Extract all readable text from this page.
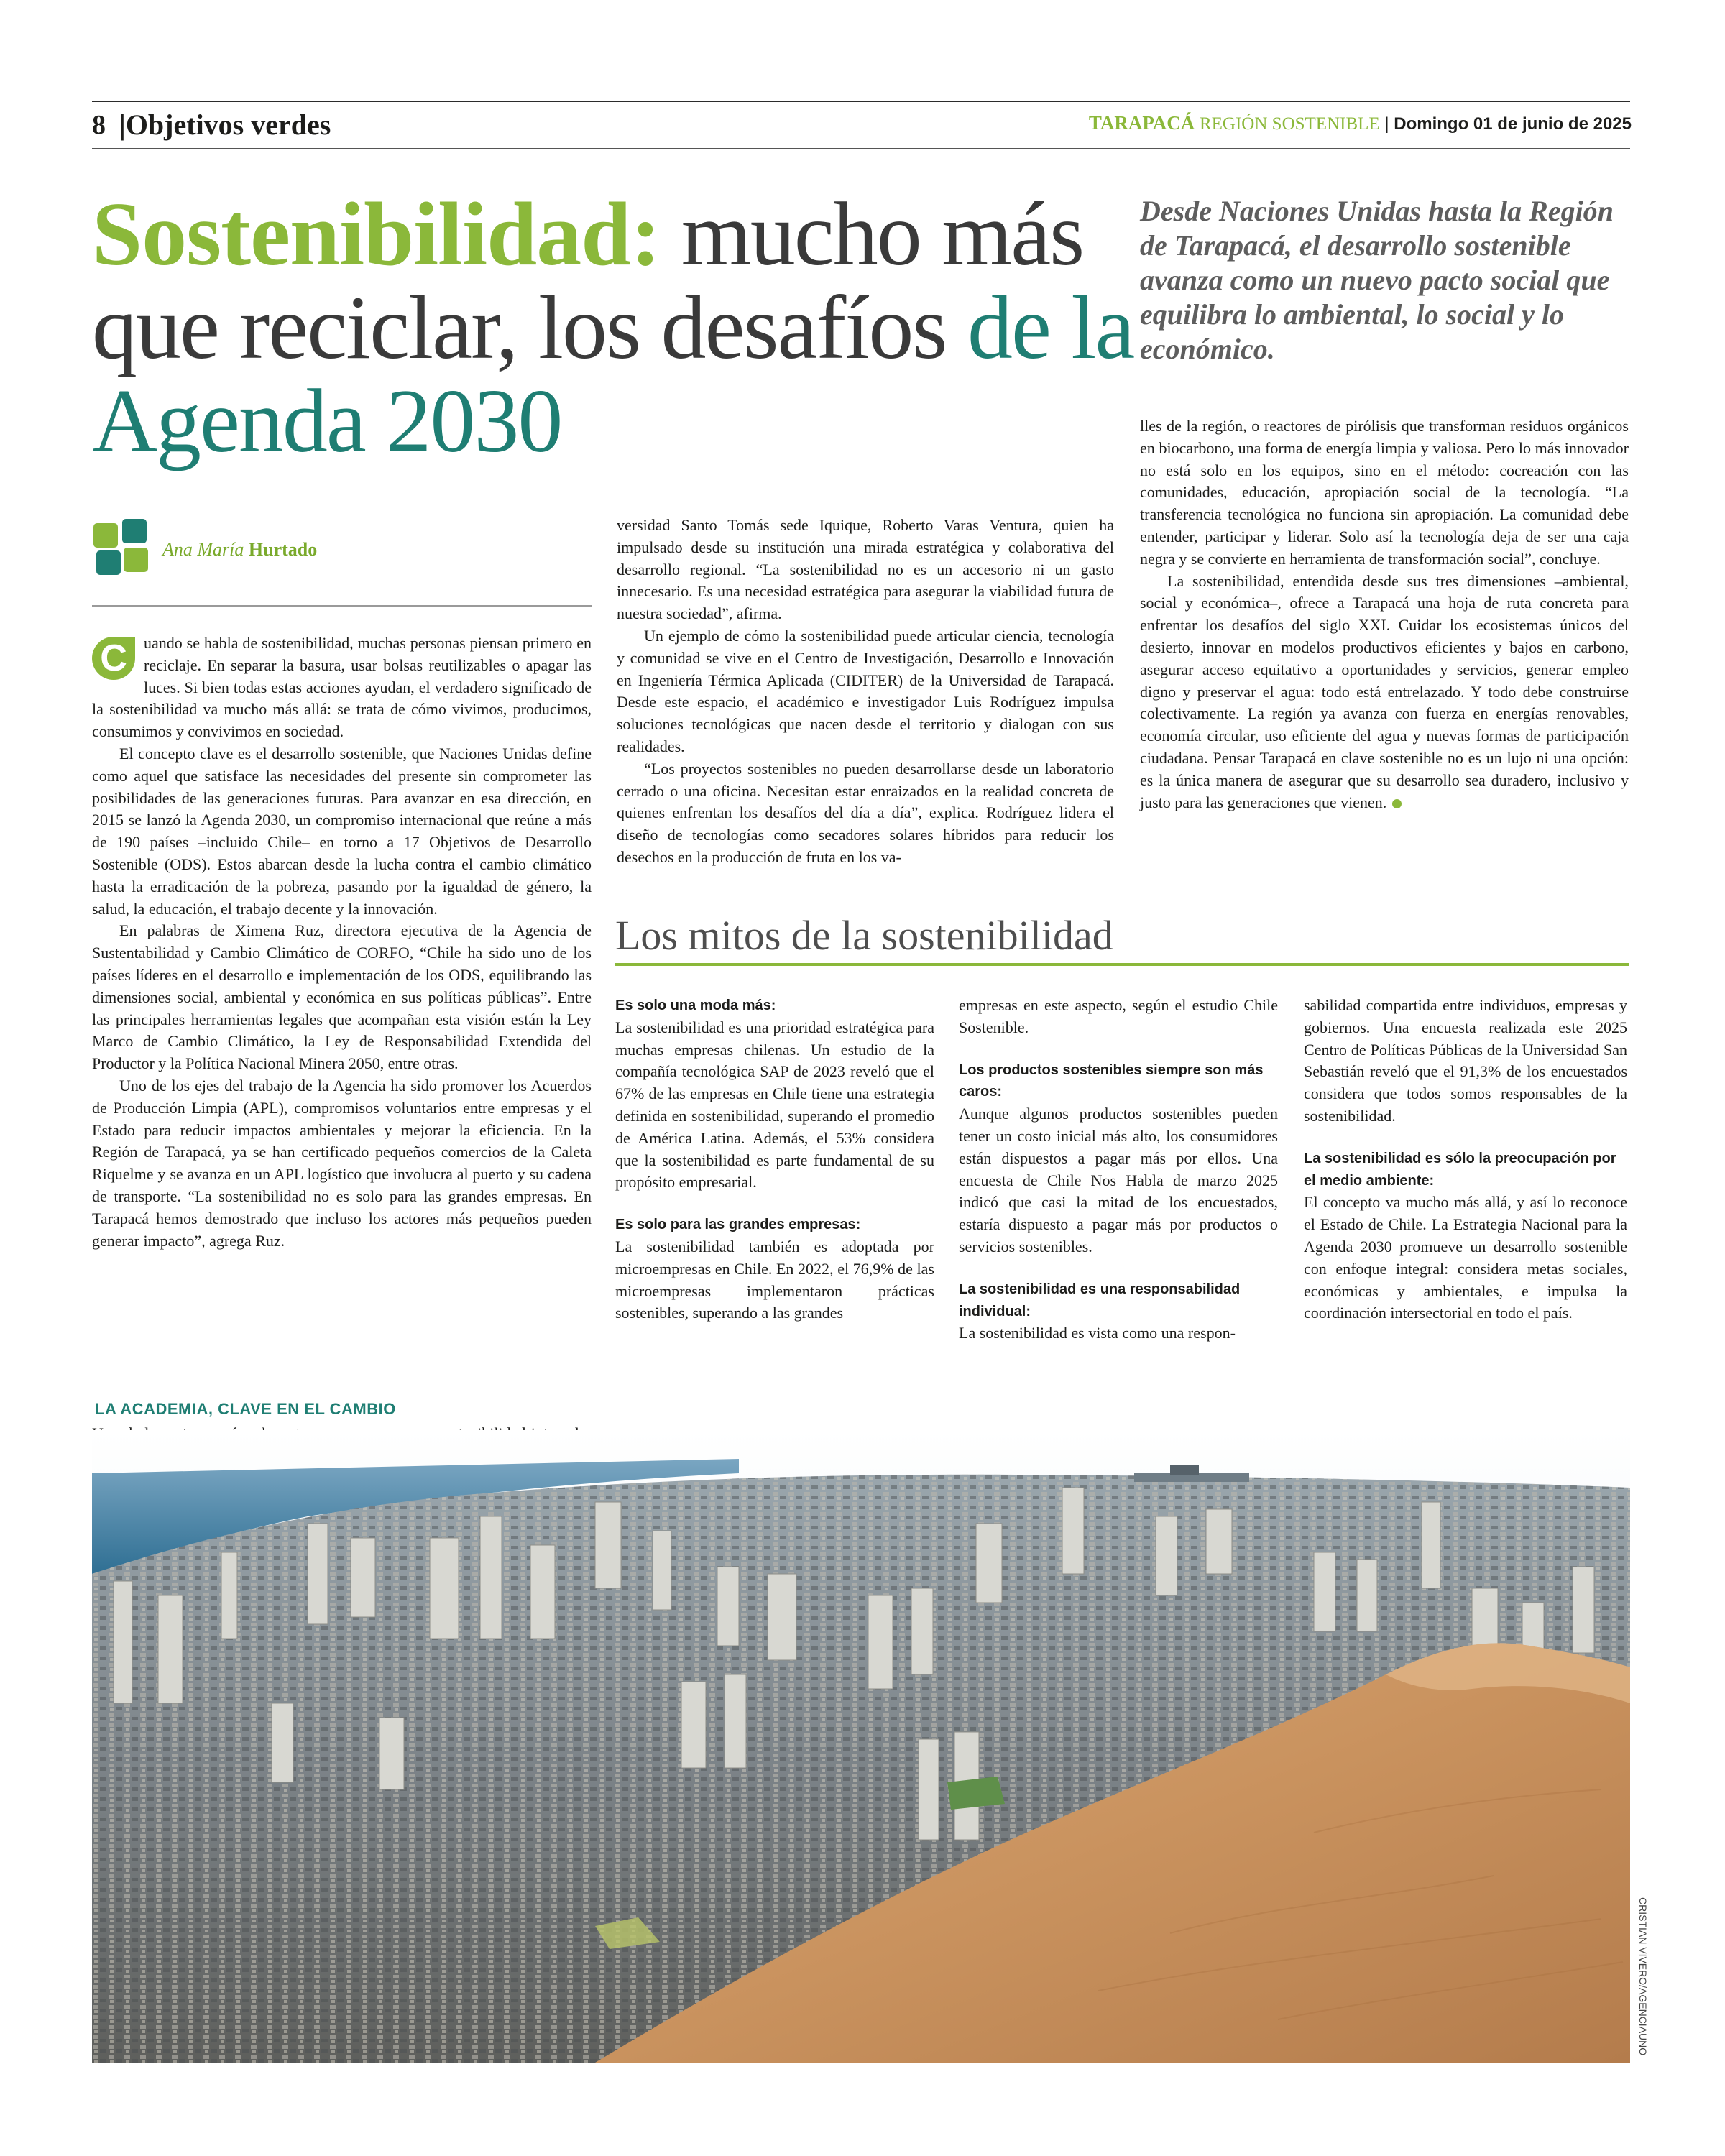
8 |Objetivos verdes	TARAPACÁ REGIÓN SOSTENIBLE | Domingo 01 de junio de 2025
Sostenibilidad: mucho más que reciclar, los desafíos de la Agenda 2030
Desde Naciones Unidas hasta la Región de Tarapacá, el desarrollo sostenible avanza como un nuevo pacto social que equilibra lo ambiental, lo social y lo económico.
Ana María Hurtado

C	uando se habla de sostenibilidad, muchas personas piensan primero en reciclaje. En separar la basura, usar bolsas reutilizables o apagar las luces. Si bien todas estas acciones ayudan, el verdadero significado de la sostenibilidad va mucho más allá: se trata de cómo vivimos, producimos, consumimos y convivimos en sociedad.

El concepto clave es el desarrollo sostenible, que Naciones Unidas define como aquel que satisface las necesidades del presente sin comprometer las posibilidades de las generaciones futuras. Para avanzar en esa dirección, en 2015 se lanzó la Agenda 2030, un compromiso internacional que reúne a más de 190 países –incluido Chile– en torno a 17 Objetivos de Desarrollo Sostenible (ODS). Estos abarcan desde la lucha contra el cambio climático hasta la erradicación de la pobreza, pasando por la igualdad de género, la salud, la educación, el trabajo decente y la innovación.

En palabras de Ximena Ruz, directora ejecutiva de la Agencia de Sustentabilidad y Cambio Climático de CORFO, “Chile ha sido uno de los países líderes en el desarrollo e implementación de los ODS, equilibrando las dimensiones social, ambiental y económica en sus políticas públicas”. Entre las principales herramientas legales que acompañan esta visión están la Ley Marco de Cambio Climático, la Ley de Responsabilidad Extendida del Productor y la Política Nacional Minera 2050, entre otras.

Uno de los ejes del trabajo de la Agencia ha sido promover los Acuerdos de Producción Limpia (APL), compromisos voluntarios entre empresas y el Estado para reducir impactos ambientales y mejorar la eficiencia. En la Región de Tarapacá, ya se han certificado pequeños comercios de la Caleta Riquelme y se avanza en un APL logístico que involucra al puerto y su cadena de transporte. “La sostenibilidad no es solo para las grandes empresas. En Tarapacá hemos demostrado que incluso los actores más pequeños pueden generar impacto”, agrega Ruz.

LA ACADEMIA, CLAVE EN EL CAMBIO

versidad Santo Tomás sede Iquique, Roberto Varas Ventura, quien ha impulsado desde su institución una mirada estratégica y colaborativa del desarrollo regional. “La sostenibilidad no es un accesorio ni un gasto innecesario. Es una necesidad estratégica para asegurar la viabilidad futura de nuestra sociedad”, afirma.

Un ejemplo de cómo la sostenibilidad puede articular ciencia, tecnología y comunidad se vive en el Centro de Investigación, Desarrollo e Innovación en Ingeniería Térmica Aplicada (CIDITER) de la Universidad de Tarapacá. Desde este espacio, el académico e investigador Luis Rodríguez impulsa soluciones tecnológicas que nacen desde el territorio y dialogan con sus realidades.

“Los proyectos sostenibles no pueden desarrollarse desde un laboratorio cerrado o una oficina. Necesitan estar enraizados en la realidad concreta de quienes enfrentan los desafíos del día a día”, explica. Rodríguez lidera el diseño de tecnologías como secadores solares híbridos para reducir los desechos en la producción de fruta en los va-

lles de la región, o reactores de pirólisis que transforman residuos orgánicos en biocarbono, una forma de energía limpia y valiosa. Pero lo más innovador no está solo en los equipos, sino en el método: cocreación con las comunidades, educación, apropiación social de la tecnología. “La transferencia tecnológica no funciona sin apropiación. La comunidad debe entender, participar y liderar. Solo así la tecnología deja de ser una caja negra y se convierte en herramienta de transformación social”, concluye.

La sostenibilidad, entendida desde sus tres dimensiones –ambiental, social y económica–, ofrece a Tarapacá una hoja de ruta concreta para enfrentar los desafíos del siglo XXI. Cuidar los ecosistemas únicos del desierto, innovar en modelos productivos eficientes y bajos en carbono, asegurar acceso equitativo a oportunidades y servicios, generar empleo digno y preservar el agua: todo está entrelazado. Y todo debe construirse colectivamente. La región ya avanza con fuerza en energías renovables, economía circular, uso eficiente del agua y nuevas formas de participación ciudadana. Pensar Tarapacá en clave sostenible no es un lujo ni una opción: es la única manera de asegurar que su desarrollo sea duradero, inclusivo y justo para las generaciones que vienen.

Los mitos de la sostenibilidad

Es solo una moda más:

La sostenibilidad es una prioridad estratégica para muchas empresas chilenas. Un estudio de la compañía tecnológica SAP de 2023 reveló que el 67% de las empresas en Chile tiene una estrategia definida en sostenibilidad, superando el promedio de América Latina. Además, el 53% considera que la sostenibilidad es parte fundamental de su propósito empresarial.

Es solo para las grandes empresas:

La sostenibilidad también es adoptada por microempresas en Chile. En 2022, el 76,9% de las microempresas implementaron prácticas sostenibles, superando a las grandes

empresas en este aspecto, según el estudio Chile Sostenible.

Los productos sostenibles siempre son más caros:

Aunque algunos productos sostenibles pueden tener un costo inicial más alto, los consumidores están dispuestos a pagar más por ellos. Una encuesta de Chile Nos Habla de marzo 2025 indicó que casi la mitad de los encuestados, estaría dispuesto a pagar más por productos o servicios sostenibles.

La sostenibilidad es una responsabilidad individual:

La sostenibilidad es vista como una respon-

sabilidad compartida entre individuos, empresas y gobiernos. Una encuesta realizada este 2025 Centro de Políticas Públicas de la Universidad San Sebastián reveló que el 91,3% de los encuestados considera que todos somos responsables de la sostenibilidad.

La sostenibilidad es sólo la preocupación por el medio ambiente:

El concepto va mucho más allá, y así lo reconoce el Estado de Chile. La Estrategia Nacional para la Agenda 2030 promueve un desarrollo sostenible con enfoque integral: considera metas sociales, económicas y ambientales, e impulsa la coordinación intersectorial en todo el país.

CRISTIAN VIVERO/AGENCIAUNO
